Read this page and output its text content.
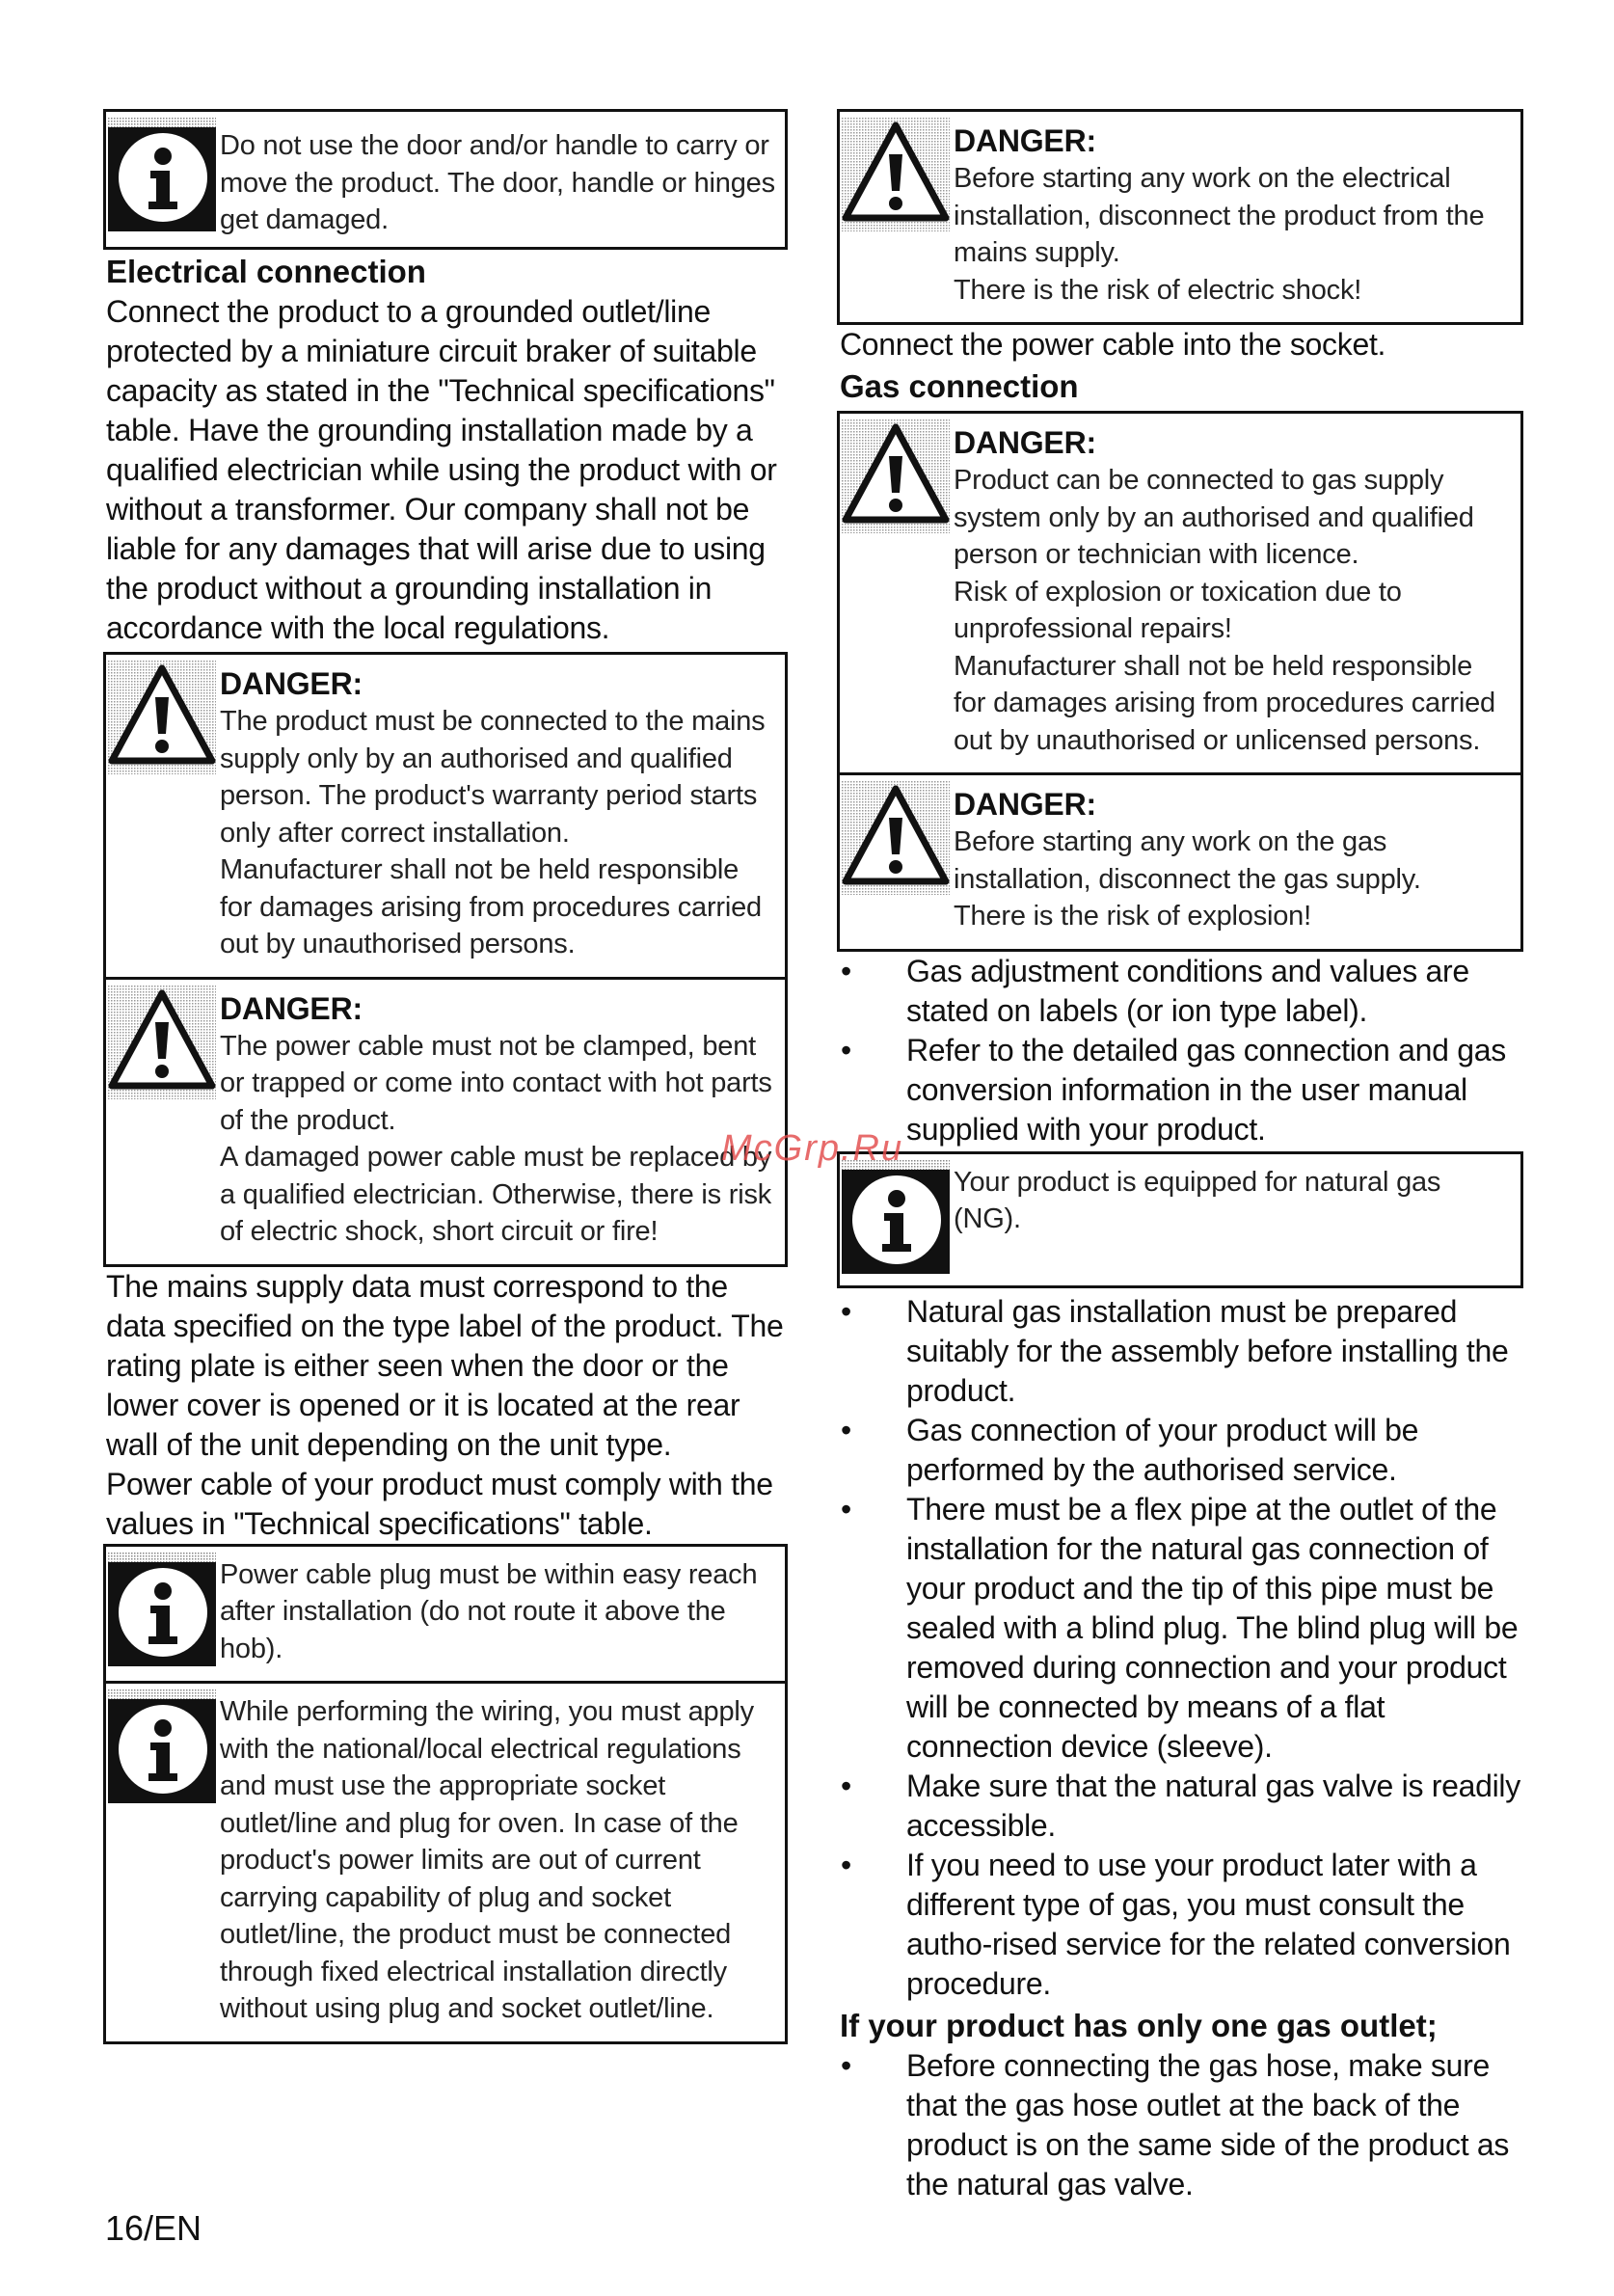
Do not use the door and/or handle to carry or move the product. The door, handle or hinges get damaged.
Electrical connection
Connect the product to a grounded outlet/line protected by a miniature circuit braker of suitable capacity as stated in the "Technical specifications" table. Have the grounding installation made by a qualified electrician while using the product with or without a transformer. Our company shall not be liable for any damages that will arise due to using the product without a grounding installation in accordance with the local regulations.
DANGER:
The product must be connected to the mains supply only by an authorised and qualified person. The product's warranty period starts only after correct installation.
Manufacturer shall not be held responsible for damages arising from procedures carried out by unauthorised persons.
DANGER:
The power cable must not be clamped, bent or trapped or come into contact with hot parts of the product.
A damaged power cable must be replaced by a qualified electrician. Otherwise, there is risk of electric shock, short circuit or fire!
The mains supply data must correspond to the data specified on the type label of the product. The rating plate is either seen when the door or the lower cover is opened or it is located at the rear wall of the unit depending on the unit type.
Power cable of your product must comply with the values in "Technical specifications" table.
Power cable plug must be within easy reach after installation (do not route it above the hob).
While performing the wiring, you must apply with the national/local electrical regulations and must use the appropriate socket outlet/line and plug for oven. In case of the product's power limits are out of current carrying capability of plug and socket outlet/line, the product must be connected through fixed electrical installation directly without using plug and socket outlet/line.
DANGER:
Before starting any work on the electrical installation, disconnect the product from the mains supply.
There is the risk of electric shock!
Connect the power cable into the socket.
Gas connection
DANGER:
Product can be connected to gas supply system only by an authorised and qualified person or technician with licence.
Risk of explosion or toxication due to unprofessional repairs!
Manufacturer shall not be held responsible for damages arising from procedures carried out by unauthorised or unlicensed persons.
DANGER:
Before starting any work on the gas installation, disconnect the gas supply.
There is the risk of explosion!
• Gas adjustment conditions and values are stated on labels (or ion type label).
• Refer to the detailed gas connection and gas conversion information in the user manual supplied with your product.
Your product is equipped for natural gas (NG).
• Natural gas installation must be prepared suitably for the assembly before installing the product.
• Gas connection of your product will be performed by the authorised service.
• There must be a flex pipe at the outlet of the installation for the natural gas connection of your product and the tip of this pipe must be sealed with a blind plug. The blind plug will be removed during connection and your product will be connected by means of a flat connection device (sleeve).
• Make sure that the natural gas valve is readily accessible.
• If you need to use your product later with a different type of gas, you must consult the autho-rised service for the related conversion procedure.
If your product has only one gas outlet;
• Before connecting the gas hose, make sure that the gas hose outlet at the back of the product is on the same side of the product as the natural gas valve.
McGrp.Ru
16/EN
